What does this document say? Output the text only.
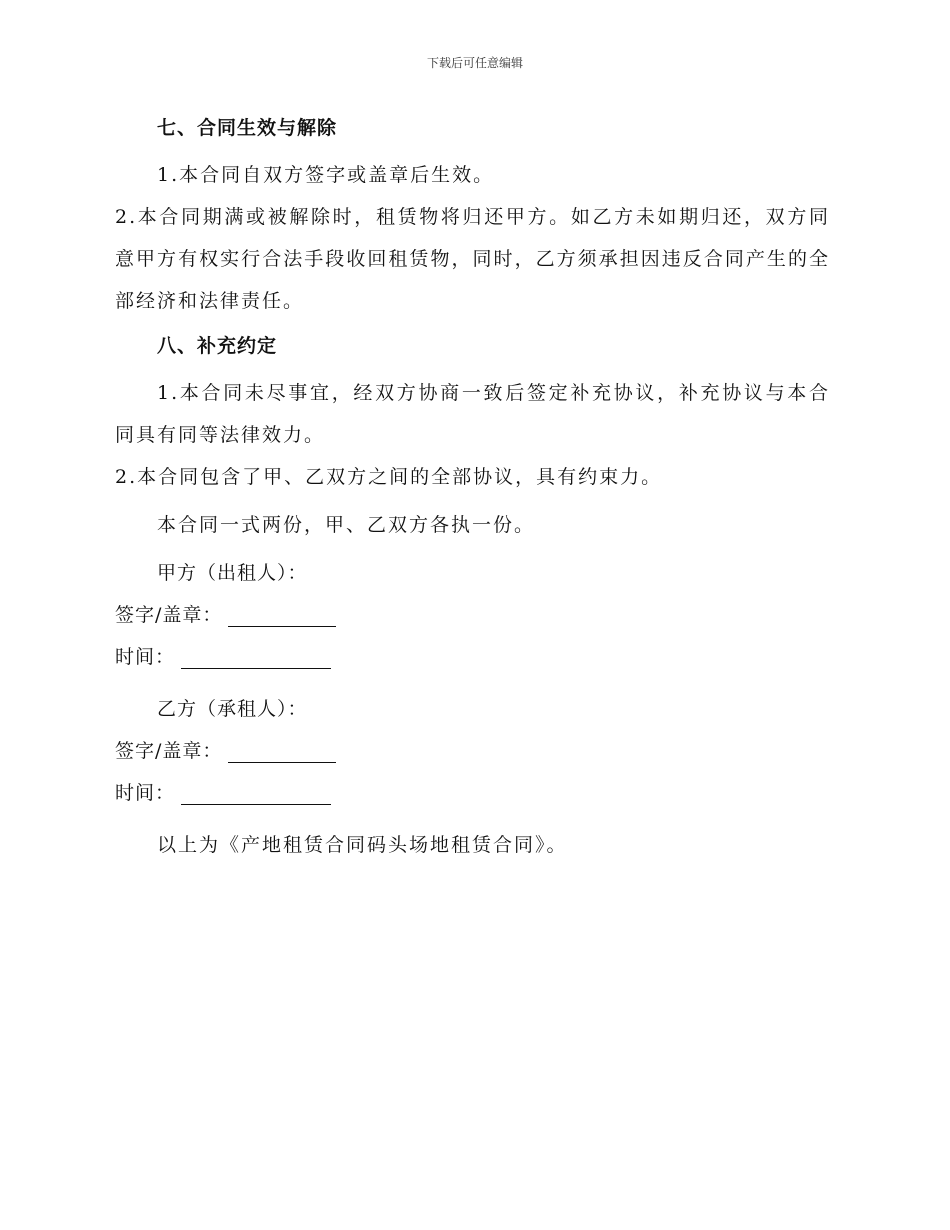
下载后可任意编辑
七、合同生效与解除

1.本合同自双方签字或盖章后生效。

2.本合同期满或被解除时，租赁物将归还甲方。如乙方未如期归还，双方同意甲方有权实行合法手段收回租赁物，同时，乙方须承担因违反合同产生的全部经济和法律责任。

八、补充约定

1.本合同未尽事宜，经双方协商一致后签定补充协议，补充协议与本合同具有同等法律效力。

2.本合同包含了甲、乙双方之间的全部协议，具有约束力。

本合同一式两份，甲、乙双方各执一份。

甲方（出租人）：
签字/盖章：
时间：
乙方（承租人）：
签字/盖章：
时间：

以上为《产地租赁合同码头场地租赁合同》。
